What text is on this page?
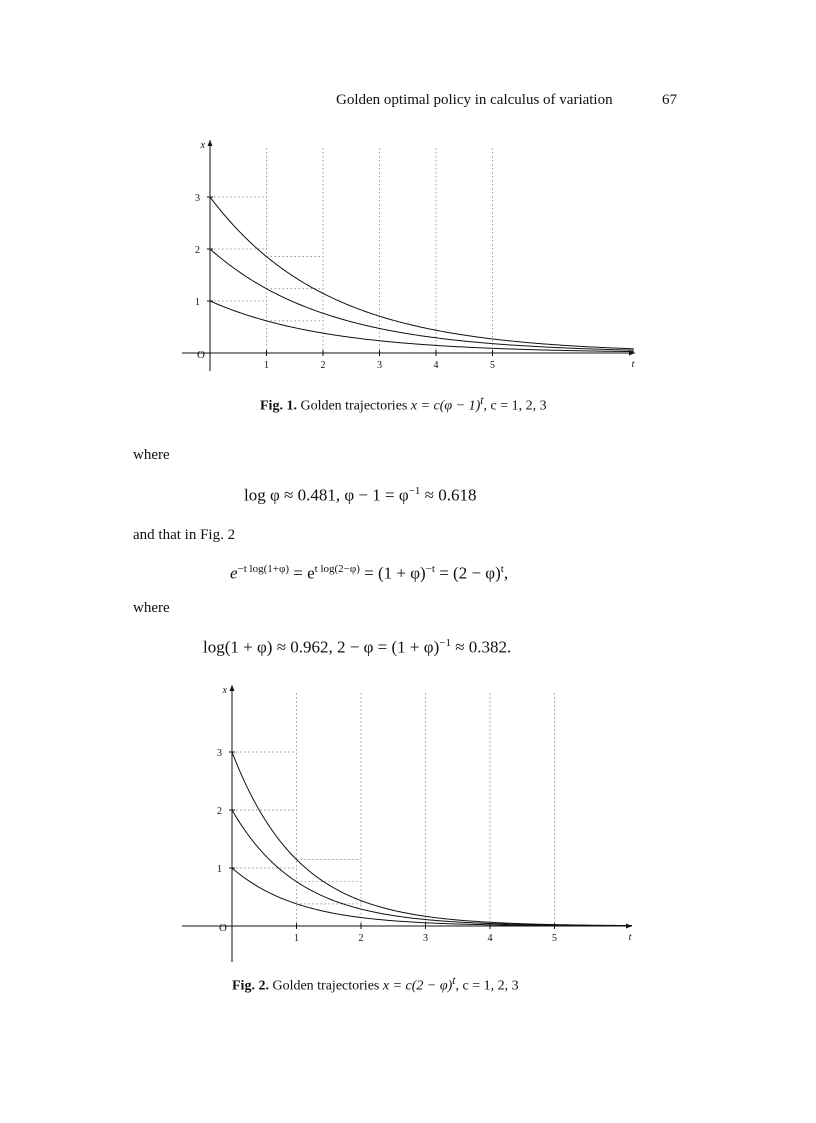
Golden optimal policy in calculus of variation	67
1	2	3	4	5
1
2
3
O
x
t
Fig. 1. Golden trajectories $x = c(\varphi - 1)^t$, c = 1, 2, 3
where
log φ ≈ 0.481, $\varphi - 1 = \varphi^{-1} \approx 0.618$
and that in Fig. 2
$e^{-t log(1+\varphi)} = e^{t log(2-\varphi)} = (1 + \varphi)^{-t} = (2 - \varphi)^t$,
where
log(1 + φ) ≈ 0.962, $2 - \varphi = (1 + \varphi)^{-1} \approx 0.382$.
1	2	3	4	5
1
2
3
O
x
t
Fig. 2. Golden trajectories $x = c(2 - \varphi)^t$, c = 1, 2, 3
